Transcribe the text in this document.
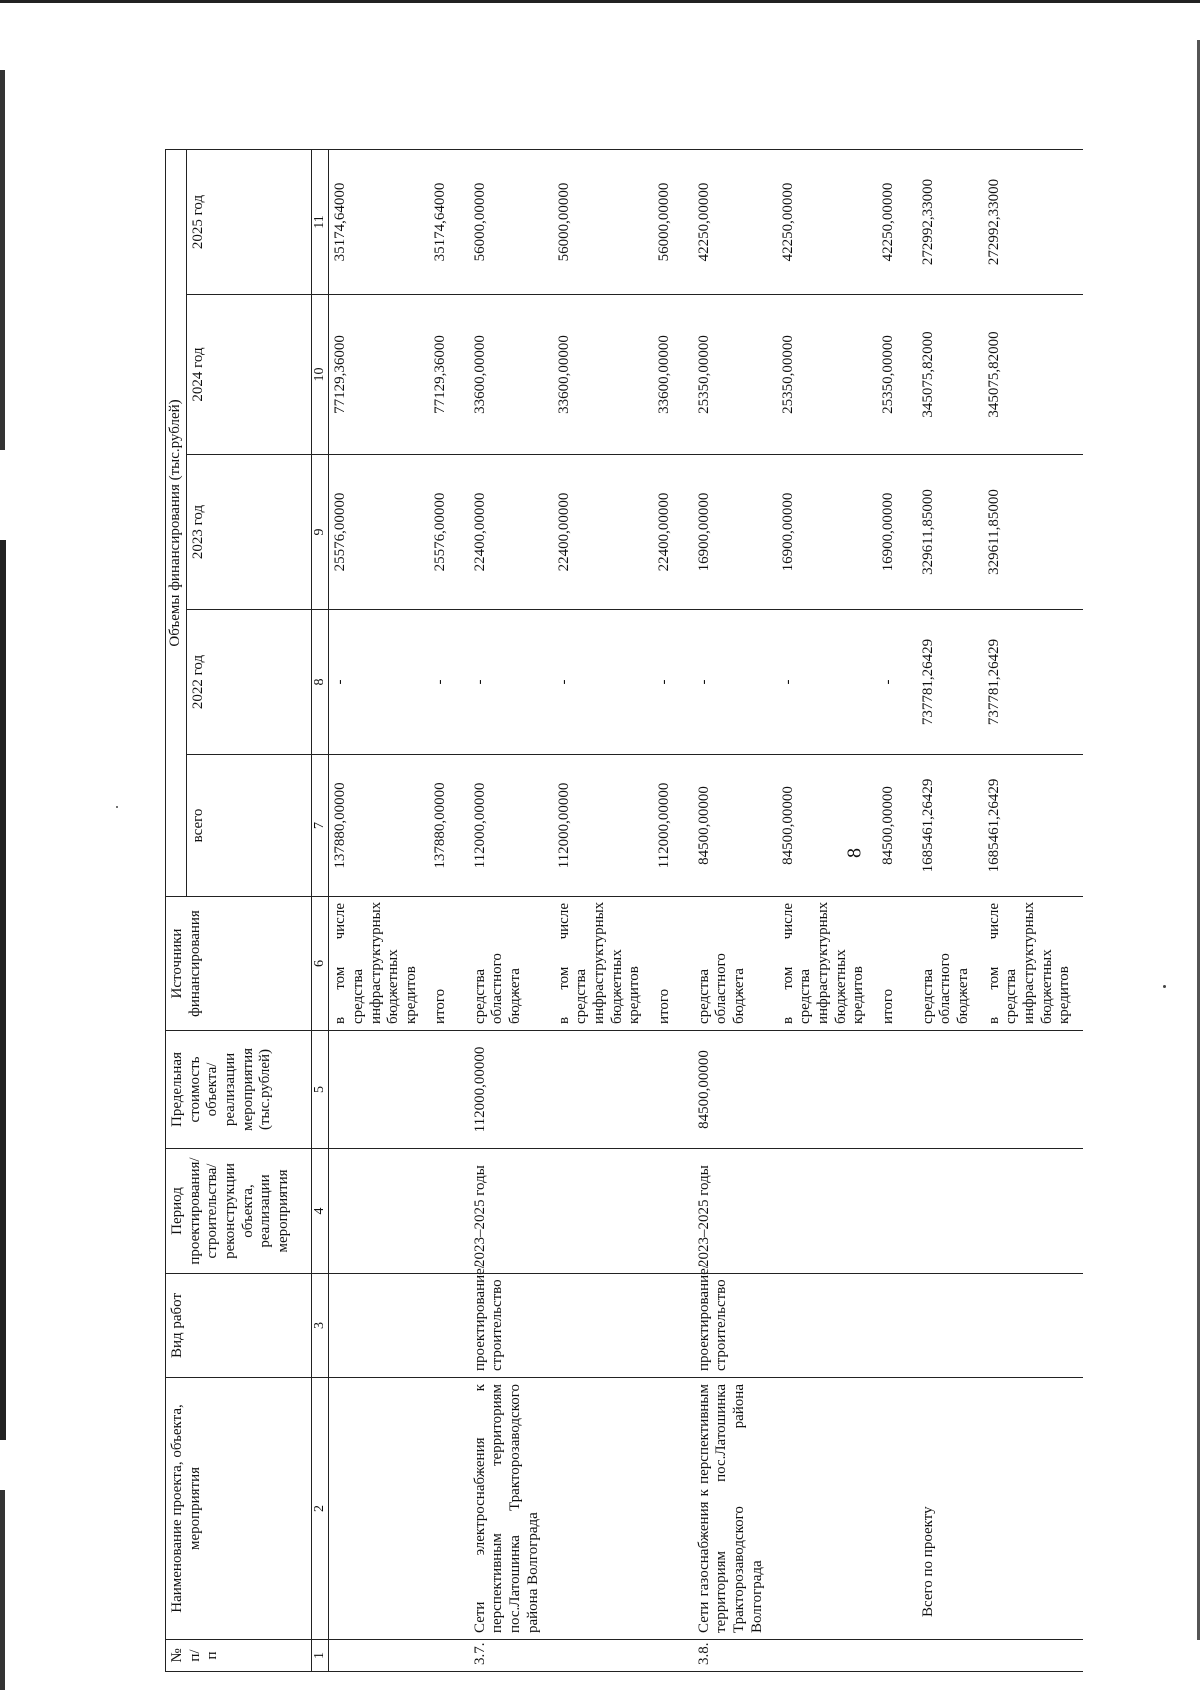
8
№ п/п	Наименование проекта, объекта, мероприятия	Вид работ	Период проектирования/ строительства/ реконструкции объекта, реализации мероприятия	Предельная стоимость объекта/ реализации мероприятия (тыс.рублей)	Источники финансирования	Объемы финансирования (тыс.рублей)				
						всего	2022 год	2023 год	2024 год	2025 год
1	2	3	4	5	6	7	8	9	10	11
					в том числе средства инфраструктурных бюджетных кредитов	137880,00000	-	25576,00000	77129,36000	35174,64000
					итого	137880,00000	-	25576,00000	77129,36000	35174,64000
3.7.	Сети электроснабжения к перспективным территориям пос.Латошинка Тракторозаводского района Волгограда	проектирование/ строительство	2023–2025 годы	112000,00000	средства областного бюджета	112000,00000	-	22400,00000	33600,00000	56000,00000
					в том числе средства инфраструктурных бюджетных кредитов	112000,00000	-	22400,00000	33600,00000	56000,00000
					итого	112000,00000	-	22400,00000	33600,00000	56000,00000
3.8.	Сети газоснабжения к перспективным территориям пос.Латошинка Тракторозаводского района Волгограда	проектирование/ строительство	2023–2025 годы	84500,00000	средства областного бюджета	84500,00000	-	16900,00000	25350,00000	42250,00000
					в том числе средства инфраструктурных бюджетных кредитов	84500,00000	-	16900,00000	25350,00000	42250,00000
					итого	84500,00000	-	16900,00000	25350,00000	42250,00000
	Всего по проекту				средства областного бюджета	1685461,26429	737781,26429	329611,85000	345075,82000	272992,33000
					в том числе средства инфраструктурных бюджетных кредитов	1685461,26429	737781,26429	329611,85000	345075,82000	272992,33000
